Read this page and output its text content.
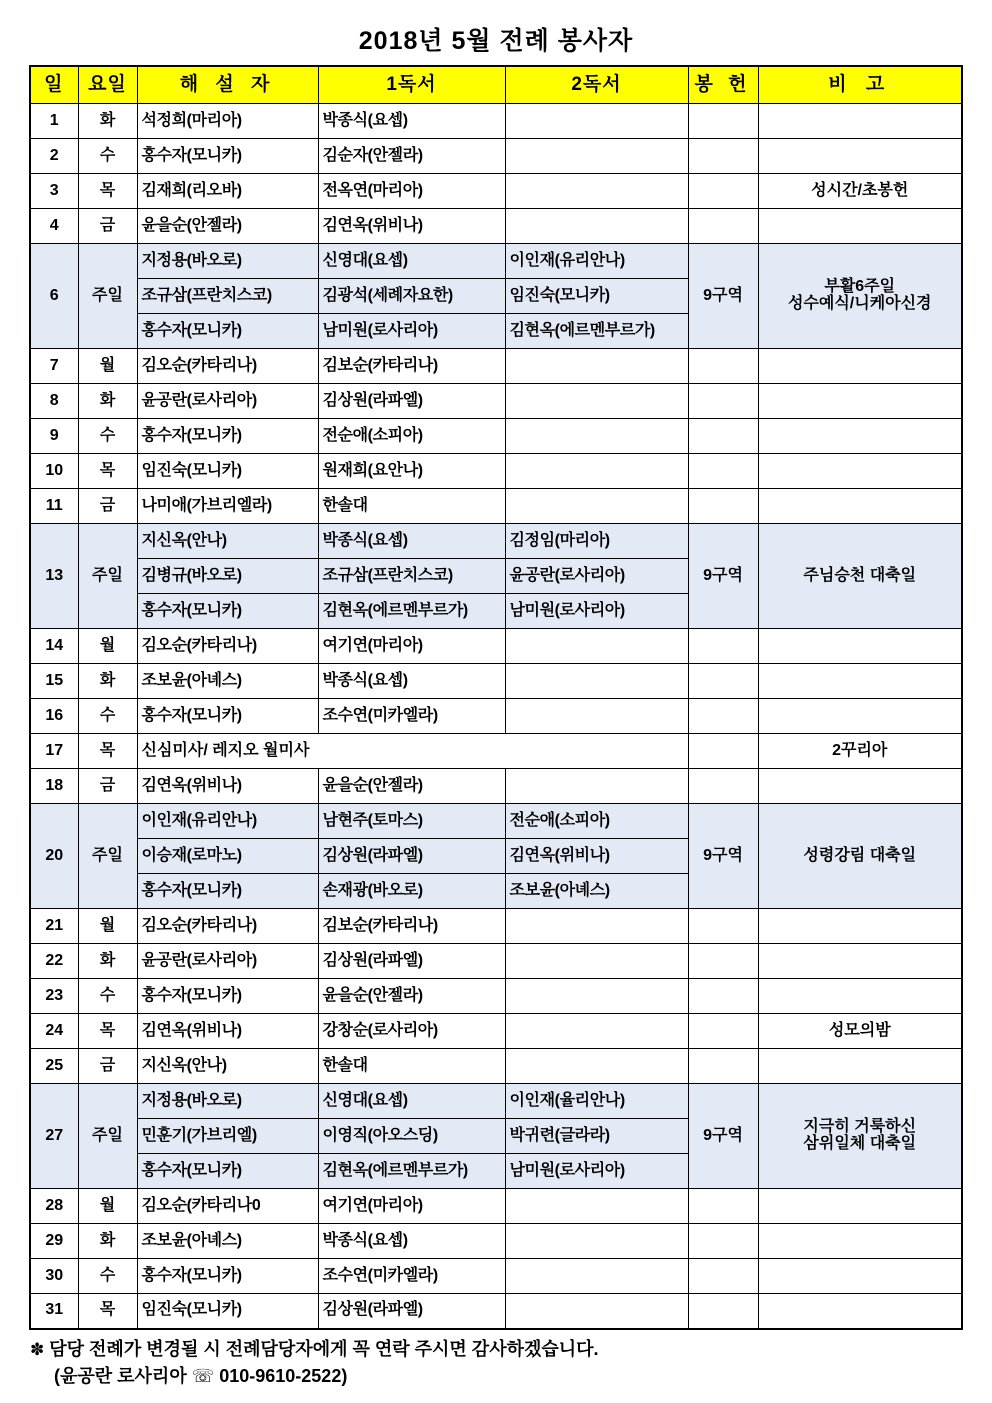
2018년 5월 전례 봉사자
일	요일	해 설 자	1독서	2독서	봉 헌	비 고
1	화	석정희(마리아)	박종식(요셉)			
2	수	홍수자(모니카)	김순자(안젤라)			
3	목	김재희(리오바)	전옥연(마리아)			성시간/초봉헌
4	금	윤을순(안젤라)	김연옥(위비나)			
6	주일	지정용(바오로)	신영대(요셉)	이인재(유리안나)	9구역	부활6주일
성수예식/니케아신경
		조규삼(프란치스코)	김광석(세례자요한)	임진숙(모니카)		
		홍수자(모니카)	남미원(로사리아)	김현옥(에르멘부르가)		
7	월	김오순(카타리나)	김보순(카타리나)			
8	화	윤공란(로사리아)	김상원(라파엘)			
9	수	홍수자(모니카)	전순애(소피아)			
10	목	임진숙(모니카)	원재희(요안나)			
11	금	나미애(가브리엘라)	한솔대			
13	주일	지신옥(안나)	박종식(요셉)	김정임(마리아)	9구역	주님승천 대축일
		김병규(바오로)	조규삼(프란치스코)	윤공란(로사리아)		
		홍수자(모니카)	김현옥(에르멘부르가)	남미원(로사리아)		
14	월	김오순(카타리나)	여기연(마리아)			
15	화	조보윤(아녜스)	박종식(요셉)			
16	수	홍수자(모니카)	조수연(미카엘라)			
17	목	신심미사/ 레지오 월미사				2꾸리아
18	금	김연옥(위비나)	윤을순(안젤라)			
20	주일	이인재(유리안나)	남현주(토마스)	전순애(소피아)	9구역	성령강림 대축일
		이승재(로마노)	김상원(라파엘)	김연옥(위비나)		
		홍수자(모니카)	손재광(바오로)	조보윤(아녜스)		
21	월	김오순(카타리나)	김보순(카타리나)			
22	화	윤공란(로사리아)	김상원(라파엘)			
23	수	홍수자(모니카)	윤을순(안젤라)			
24	목	김연옥(위비나)	강창순(로사리아)			성모의밤
25	금	지신옥(안나)	한솔대			
27	주일	지정용(바오로)	신영대(요셉)	이인재(율리안나)	9구역	지극히 거룩하신
삼위일체 대축일
		민훈기(가브리엘)	이영직(아오스딩)	박귀련(글라라)		
		홍수자(모니카)	김현옥(에르멘부르가)	남미원(로사리아)		
28	월	김오순(카타리나0	여기연(마리아)			
29	화	조보윤(아녜스)	박종식(요셉)			
30	수	홍수자(모니카)	조수연(미카엘라)			
31	목	임진숙(모니카)	김상원(라파엘)			
✽ 담당 전례가 변경될 시 전례담당자에게 꼭 연락 주시면 감사하겠습니다.
(윤공란 로사리아 ☏ 010-9610-2522)
